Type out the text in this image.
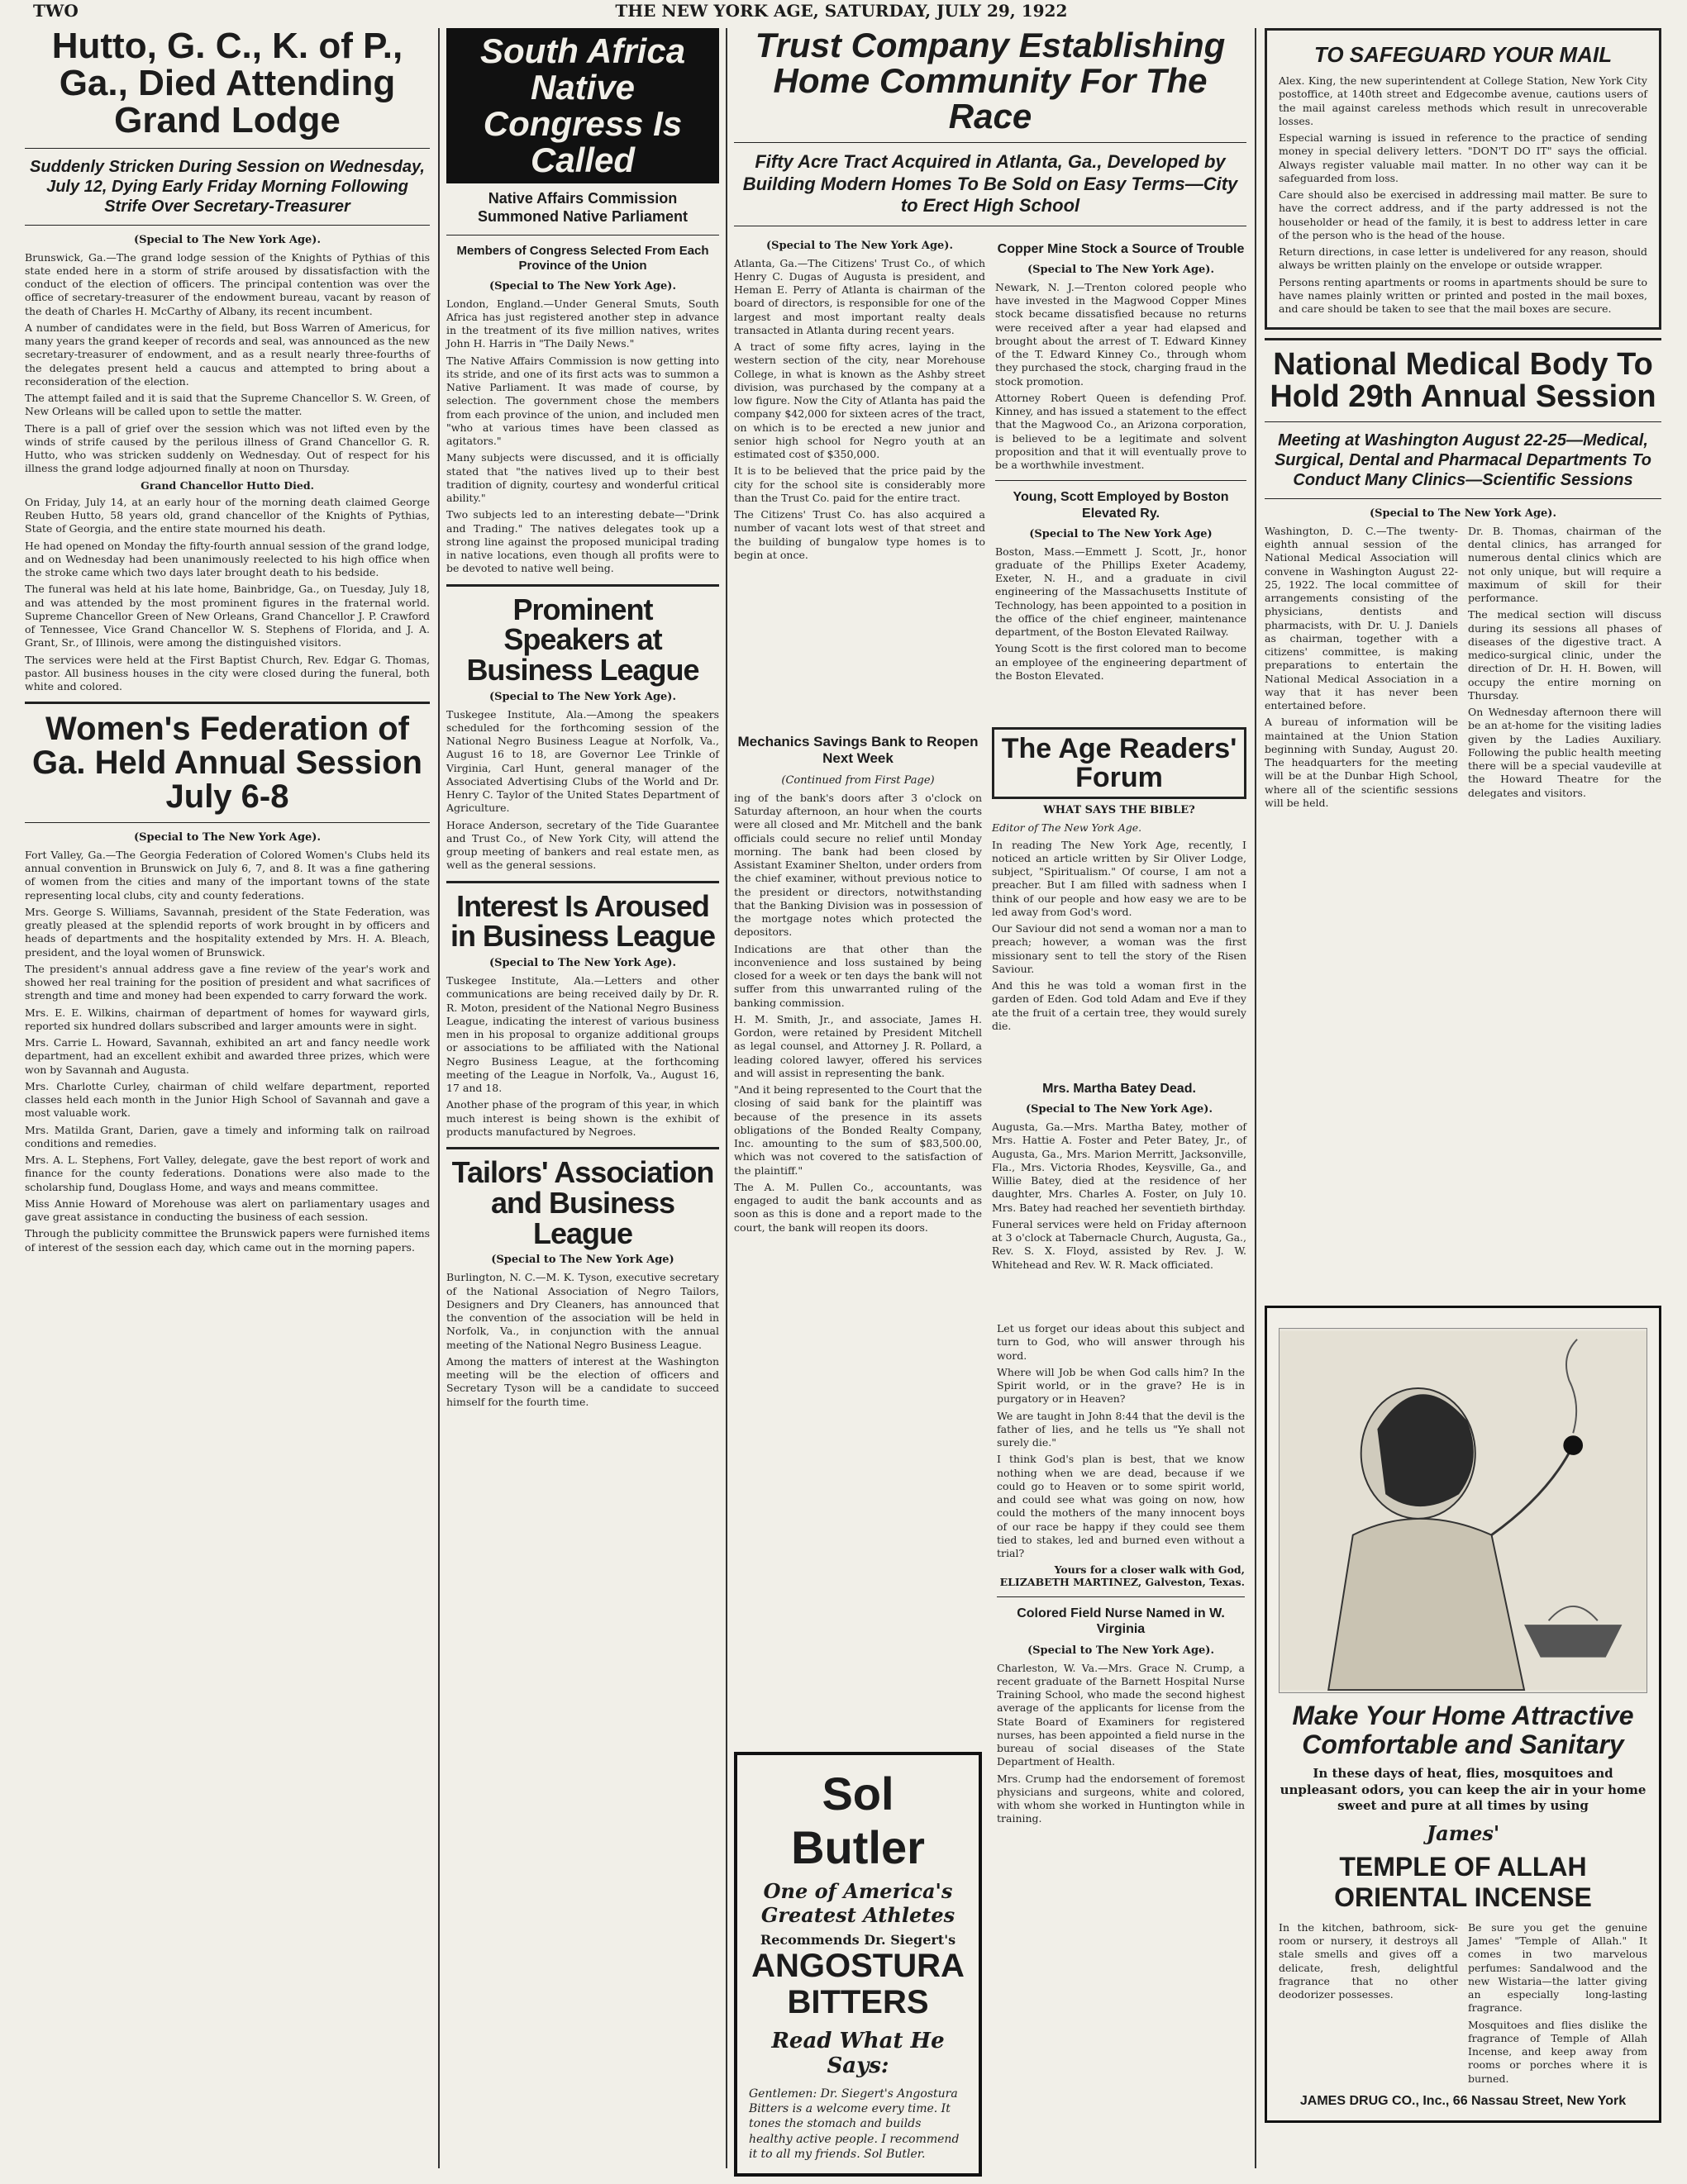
TWO	THE NEW YORK AGE, SATURDAY, JULY 29, 1922
Hutto, G. C., K. of P., Ga., Died Attending Grand Lodge
Suddenly Stricken During Session on Wednesday, July 12, Dying Early Friday Morning Following Strife Over Secretary-Treasurer
(Special to The New York Age).

Brunswick, Ga.—The grand lodge session of the Knights of Pythias of this state ended here in a storm of strife aroused by dissatisfaction with the conduct of the election of officers. The principal contention was over the office of secretary-treasurer of the endowment bureau, vacant by reason of the death of Charles H. McCarthy of Albany, its recent incumbent.

A number of candidates were in the field, but Boss Warren of Americus, for many years the grand keeper of records and seal, was announced as the new secretary-treasurer of endowment, and as a result nearly three-fourths of the delegates present held a caucus and attempted to bring about a reconsideration of the election.

The attempt failed and it is said that the Supreme Chancellor S. W. Green, of New Orleans will be called upon to settle the matter.

There is a pall of grief over the session which was not lifted even by the winds of strife caused by the perilous illness of Grand Chancellor G. R. Hutto, who was stricken suddenly on Wednesday. Out of respect for his illness the grand lodge adjourned finally at noon on Thursday.

Grand Chancellor Hutto Died.

On Friday, July 14, at an early hour of the morning death claimed George Reuben Hutto, 58 years old, grand chancellor of the Knights of Pythias, State of Georgia, and the entire state mourned his death.

He had opened on Monday the fifty-fourth annual session of the grand lodge, and on Wednesday had been unanimously reelected to his high office when the stroke came which two days later brought death to his bedside.

The funeral was held at his late home, Bainbridge, Ga., on Tuesday, July 18, and was attended by the most prominent figures in the fraternal world. Supreme Chancellor Green of New Orleans, Grand Chancellor J. P. Crawford of Tennessee, Vice Grand Chancellor W. S. Stephens of Florida, and J. A. Grant, Sr., of Illinois, were among the distinguished visitors.

The services were held at the First Baptist Church, Rev. Edgar G. Thomas, pastor. All business houses in the city were closed during the funeral, both white and colored.

Women's Federation of Ga. Held Annual Session July 6-8
(Special to The New York Age).

Fort Valley, Ga.—The Georgia Federation of Colored Women's Clubs held its annual convention in Brunswick on July 6, 7, and 8. It was a fine gathering of women from the cities and many of the important towns of the state representing local clubs, city and county federations.

Mrs. George S. Williams, Savannah, president of the State Federation, was greatly pleased at the splendid reports of work brought in by officers and heads of departments and the hospitality extended by Mrs. H. A. Bleach, president, and the loyal women of Brunswick.

The president's annual address gave a fine review of the year's work and showed her real training for the position of president and what sacrifices of strength and time and money had been expended to carry forward the work.

Mrs. E. E. Wilkins, chairman of department of homes for wayward girls, reported six hundred dollars subscribed and larger amounts were in sight.

Mrs. Carrie L. Howard, Savannah, exhibited an art and fancy needle work department, had an excellent exhibit and awarded three prizes, which were won by Savannah and Augusta.

Mrs. Charlotte Curley, chairman of child welfare department, reported classes held each month in the Junior High School of Savannah and gave a most valuable work.

Mrs. Matilda Grant, Darien, gave a timely and informing talk on railroad conditions and remedies.

Mrs. A. L. Stephens, Fort Valley, delegate, gave the best report of work and finance for the county federations. Donations were also made to the scholarship fund, Douglass Home, and ways and means committee.

Miss Annie Howard of Morehouse was alert on parliamentary usages and gave great assistance in conducting the business of each session.

Through the publicity committee the Brunswick papers were furnished items of interest of the session each day, which came out in the morning papers.

South Africa Native Congress Is Called
Native Affairs Commission Summoned Native Parliament
Members of Congress Selected From Each Province of the Union
(Special to The New York Age).

London, England.—Under General Smuts, South Africa has just registered another step in advance in the treatment of its five million natives, writes John H. Harris in "The Daily News."

The Native Affairs Commission is now getting into its stride, and one of its first acts was to summon a Native Parliament. It was made of course, by selection. The government chose the members from each province of the union, and included men "who at various times have been classed as agitators."

Many subjects were discussed, and it is officially stated that "the natives lived up to their best tradition of dignity, courtesy and wonderful critical ability."

Two subjects led to an interesting debate—"Drink and Trading." The natives delegates took up a strong line against the proposed municipal trading in native locations, even though all profits were to be devoted to native well being.

Prominent Speakers at Business League
(Special to The New York Age).

Tuskegee Institute, Ala.—Among the speakers scheduled for the forthcoming session of the National Negro Business League at Norfolk, Va., August 16 to 18, are Governor Lee Trinkle of Virginia, Carl Hunt, general manager of the Associated Advertising Clubs of the World and Dr. Henry C. Taylor of the United States Department of Agriculture.

Horace Anderson, secretary of the Tide Guarantee and Trust Co., of New York City, will attend the group meeting of bankers and real estate men, as well as the general sessions.

Interest Is Aroused in Business League
(Special to The New York Age).

Tuskegee Institute, Ala.—Letters and other communications are being received daily by Dr. R. R. Moton, president of the National Negro Business League, indicating the interest of various business men in his proposal to organize additional groups or associations to be affiliated with the National Negro Business League, at the forthcoming meeting of the League in Norfolk, Va., August 16, 17 and 18.

Another phase of the program of this year, in which much interest is being shown is the exhibit of products manufactured by Negroes.

Tailors' Association and Business League
(Special to The New York Age)

Burlington, N. C.—M. K. Tyson, executive secretary of the National Association of Negro Tailors, Designers and Dry Cleaners, has announced that the convention of the association will be held in Norfolk, Va., in conjunction with the annual meeting of the National Negro Business League.

Among the matters of interest at the Washington meeting will be the election of officers and Secretary Tyson will be a candidate to succeed himself for the fourth time.

Mechanics Savings Bank to Reopen Next Week
(Continued from First Page)

ing of the bank's doors after 3 o'clock on Saturday afternoon, an hour when the courts were all closed and Mr. Mitchell and the bank officials could secure no relief until Monday morning. The bank had been closed by Assistant Examiner Shelton, under orders from the chief examiner, without previous notice to the president or directors, notwithstanding that the Banking Division was in possession of the mortgage notes which protected the depositors.

Indications are that other than the inconvenience and loss sustained by being closed for a week or ten days the bank will not suffer from this unwarranted ruling of the banking commission.

H. M. Smith, Jr., and associate, James H. Gordon, were retained by President Mitchell as legal counsel, and Attorney J. R. Pollard, a leading colored lawyer, offered his services and will assist in representing the bank.

"And it being represented to the Court that the closing of said bank for the plaintiff was because of the presence in its assets obligations of the Bonded Realty Company, Inc. amounting to the sum of $83,500.00, which was not covered to the satisfaction of the plaintiff."

The A. M. Pullen Co., accountants, was engaged to audit the bank accounts and as soon as this is done and a report made to the court, the bank will reopen its doors.

Trust Company Establishing Home Community For The Race
Fifty Acre Tract Acquired in Atlanta, Ga., Developed by Building Modern Homes To Be Sold on Easy Terms—City to Erect High School
(Special to The New York Age).

Atlanta, Ga.—The Citizens' Trust Co., of which Henry C. Dugas of Augusta is president, and Heman E. Perry of Atlanta is chairman of the board of directors, is responsible for one of the largest and most important realty deals transacted in Atlanta during recent years.

A tract of some fifty acres, laying in the western section of the city, near Morehouse College, in what is known as the Ashby street division, was purchased by the company at a low figure. Now the City of Atlanta has paid the company $42,000 for sixteen acres of the tract, on which is to be erected a new junior and senior high school for Negro youth at an estimated cost of $350,000.

It is to be believed that the price paid by the city for the school site is considerably more than the Trust Co. paid for the entire tract.

The Citizens' Trust Co. has also acquired a number of vacant lots west of that street and the building of bungalow type homes is to begin at once.

Copper Mine Stock a Source of Trouble
(Special to The New York Age).

Newark, N. J.—Trenton colored people who have invested in the Magwood Copper Mines stock became dissatisfied because no returns were received after a year had elapsed and brought about the arrest of T. Edward Kinney of the T. Edward Kinney Co., through whom they purchased the stock, charging fraud in the stock promotion.

Attorney Robert Queen is defending Prof. Kinney, and has issued a statement to the effect that the Magwood Co., an Arizona corporation, is believed to be a legitimate and solvent proposition and that it will eventually prove to be a worthwhile investment.

Young, Scott Employed by Boston Elevated Ry.
(Special to The New York Age)

Boston, Mass.—Emmett J. Scott, Jr., honor graduate of the Phillips Exeter Academy, Exeter, N. H., and a graduate in civil engineering of the Massachusetts Institute of Technology, has been appointed to a position in the office of the chief engineer, maintenance department, of the Boston Elevated Railway.

Young Scott is the first colored man to become an employee of the engineering department of the Boston Elevated.

Mrs. Martha Batey Dead.
(Special to The New York Age).

Augusta, Ga.—Mrs. Martha Batey, mother of Mrs. Hattie A. Foster and Peter Batey, Jr., of Augusta, Ga., Mrs. Marion Merritt, Jacksonville, Fla., Mrs. Victoria Rhodes, Keysville, Ga., and Willie Batey, died at the residence of her daughter, Mrs. Charles A. Foster, on July 10. Mrs. Batey had reached her seventieth birthday.

Funeral services were held on Friday afternoon at 3 o'clock at Tabernacle Church, Augusta, Ga., Rev. S. X. Floyd, assisted by Rev. J. W. Whitehead and Rev. W. R. Mack officiated.

Sol Butler
One of America's Greatest Athletes
Recommends Dr. Siegert's
ANGOSTURA BITTERS
Read What He Says:
Gentlemen: Dr. Siegert's Angostura Bitters is a welcome every time. It tones the stomach and builds healthy active people. I recommend it to all my friends. Sol Butler.
The Age Readers' Forum
WHAT SAYS THE BIBLE?

Editor of The New York Age.

In reading The New York Age, recently, I noticed an article written by Sir Oliver Lodge, subject, "Spiritualism." Of course, I am not a preacher. But I am filled with sadness when I think of our people and how easy we are to be led away from God's word.

Our Saviour did not send a woman nor a man to preach; however, a woman was the first missionary sent to tell the story of the Risen Saviour.

And this he was told a woman first in the garden of Eden. God told Adam and Eve if they ate the fruit of a certain tree, they would surely die.

Let us forget our ideas about this subject and turn to God, who will answer through his word.

Where will Job be when God calls him? In the Spirit world, or in the grave? He is in purgatory or in Heaven?

We are taught in John 8:44 that the devil is the father of lies, and he tells us "Ye shall not surely die."

I think God's plan is best, that we know nothing when we are dead, because if we could go to Heaven or to some spirit world, and could see what was going on now, how could the mothers of the many innocent boys of our race be happy if they could see them tied to stakes, led and burned even without a trial?

Yours for a closer walk with God, ELIZABETH MARTINEZ, Galveston, Texas.
Colored Field Nurse Named in W. Virginia
(Special to The New York Age).

Charleston, W. Va.—Mrs. Grace N. Crump, a recent graduate of the Barnett Hospital Nurse Training School, who made the second highest average of the applicants for license from the State Board of Examiners for registered nurses, has been appointed a field nurse in the bureau of social diseases of the State Department of Health.

Mrs. Crump had the endorsement of foremost physicians and surgeons, white and colored, with whom she worked in Huntington while in training.

TO SAFEGUARD YOUR MAIL

Alex. King, the new superintendent at College Station, New York City postoffice, at 140th street and Edgecombe avenue, cautions users of the mail against careless methods which result in unrecoverable losses.

Especial warning is issued in reference to the practice of sending money in special delivery letters. "DON'T DO IT" says the official. Always register valuable mail matter. In no other way can it be safeguarded from loss.

Care should also be exercised in addressing mail matter. Be sure to have the correct address, and if the party addressed is not the householder or head of the family, it is best to address letter in care of the person who is the head of the house.

Return directions, in case letter is undelivered for any reason, should always be written plainly on the envelope or outside wrapper.

Persons renting apartments or rooms in apartments should be sure to have names plainly written or printed and posted in the mail boxes, and care should be taken to see that the mail boxes are secure.

National Medical Body To Hold 29th Annual Session
Meeting at Washington August 22-25—Medical, Surgical, Dental and Pharmacal Departments To Conduct Many Clinics—Scientific Sessions
(Special to The New York Age).

Washington, D. C.—The twenty-eighth annual session of the National Medical Association will convene in Washington August 22-25, 1922. The local committee of arrangements consisting of the physicians, dentists and pharmacists, with Dr. U. J. Daniels as chairman, together with a citizens' committee, is making preparations to entertain the National Medical Association in a way that it has never been entertained before.

A bureau of information will be maintained at the Union Station beginning with Sunday, August 20. The headquarters for the meeting will be at the Dunbar High School, where all of the scientific sessions will be held.

Dr. B. Thomas, chairman of the dental clinics, has arranged for numerous dental clinics which are not only unique, but will require a maximum of skill for their performance.

The medical section will discuss during its sessions all phases of diseases of the digestive tract. A medico-surgical clinic, under the direction of Dr. H. H. Bowen, will occupy the entire morning on Thursday.

On Wednesday afternoon there will be an at-home for the visiting ladies given by the Ladies Auxiliary. Following the public health meeting there will be a special vaudeville at the Howard Theatre for the delegates and visitors.

Make Your Home Attractive Comfortable and Sanitary
In these days of heat, flies, mosquitoes and unpleasant odors, you can keep the air in your home sweet and pure at all times by using
James'
TEMPLE OF ALLAH ORIENTAL INCENSE

In the kitchen, bathroom, sick-room or nursery, it destroys all stale smells and gives off a delicate, fresh, delightful fragrance that no other deodorizer possesses.

Be sure you get the genuine James' "Temple of Allah." It comes in two marvelous perfumes: Sandalwood and the new Wistaria—the latter giving an especially long-lasting fragrance.

Mosquitoes and flies dislike the fragrance of Temple of Allah Incense, and keep away from rooms or porches where it is burned.

JAMES DRUG CO., Inc., 66 Nassau Street, New York
